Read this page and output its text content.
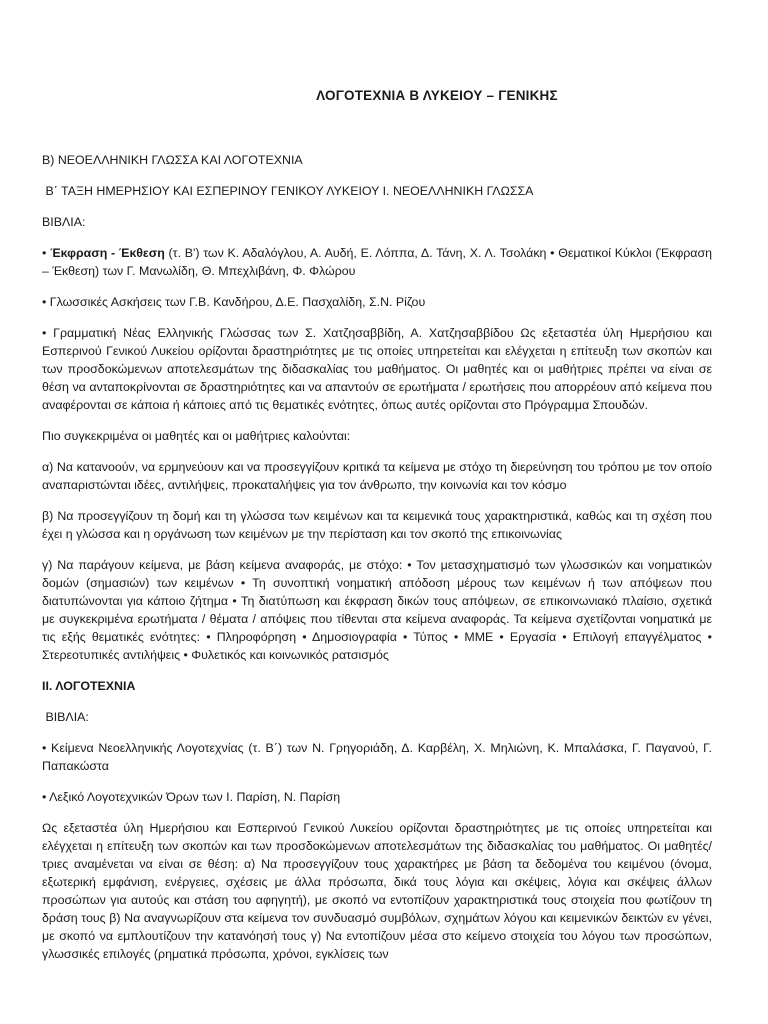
ΛΟΓΟΤΕΧΝΙΑ Β ΛΥΚΕΙΟΥ – ΓΕΝΙΚΗΣ

Β) ΝΕΟΕΛΛΗΝΙΚΗ ΓΛΩΣΣΑ ΚΑΙ ΛΟΓΟΤΕΧΝΙΑ

Β΄ ΤΑΞΗ ΗΜΕΡΗΣΙΟΥ ΚΑΙ ΕΣΠΕΡΙΝΟΥ ΓΕΝΙΚΟΥ ΛΥΚΕΙΟΥ Ι. ΝΕΟΕΛΛΗΝΙΚΗ ΓΛΩΣΣΑ

ΒΙΒΛΙΑ:

• Έκφραση - Έκθεση (τ. Β') των Κ. Αδαλόγλου, Α. Αυδή, Ε. Λόππα, Δ. Τάνη, Χ. Λ. Τσολάκη • Θεματικοί Κύκλοι (Έκφραση – Έκθεση) των Γ. Μανωλίδη, Θ. Μπεχλιβάνη, Φ. Φλώρου

• Γλωσσικές Ασκήσεις των Γ.Β. Κανδήρου, Δ.Ε. Πασχαλίδη, Σ.Ν. Ρίζου

• Γραμματική Νέας Ελληνικής Γλώσσας των Σ. Χατζησαββίδη, Α. Χατζησαββίδου Ως εξεταστέα ύλη Ημερήσιου και Εσπερινού Γενικού Λυκείου ορίζονται δραστηριότητες με τις οποίες υπηρετείται και ελέγχεται η επίτευξη των σκοπών και των προσδοκώμενων αποτελεσμάτων της διδασκαλίας του μαθήματος. Οι μαθητές και οι μαθήτριες πρέπει να είναι σε θέση να ανταποκρίνονται σε δραστηριότητες και να απαντούν σε ερωτήματα / ερωτήσεις που απορρέουν από κείμενα που αναφέρονται σε κάποια ή κάποιες από τις θεματικές ενότητες, όπως αυτές ορίζονται στο Πρόγραμμα Σπουδών.

Πιο συγκεκριμένα οι μαθητές και οι μαθήτριες καλούνται:

α) Να κατανοούν, να ερμηνεύουν και να προσεγγίζουν κριτικά τα κείμενα με στόχο τη διερεύνηση του τρόπου με τον οποίο αναπαριστώνται ιδέες, αντιλήψεις, προκαταλήψεις για τον άνθρωπο, την κοινωνία και τον κόσμο

β) Να προσεγγίζουν τη δομή και τη γλώσσα των κειμένων και τα κειμενικά τους χαρακτηριστικά, καθώς και τη σχέση που έχει η γλώσσα και η οργάνωση των κειμένων με την περίσταση και τον σκοπό της επικοινωνίας

γ) Να παράγουν κείμενα, με βάση κείμενα αναφοράς, με στόχο: • Τον μετασχηματισμό των γλωσσικών και νοηματικών δομών (σημασιών) των κειμένων • Τη συνοπτική νοηματική απόδοση μέρους των κειμένων ή των απόψεων που διατυπώνονται για κάποιο ζήτημα • Τη διατύπωση και έκφραση δικών τους απόψεων, σε επικοινωνιακό πλαίσιο, σχετικά με συγκεκριμένα ερωτήματα / θέματα / απόψεις που τίθενται στα κείμενα αναφοράς. Τα κείμενα σχετίζονται νοηματικά με τις εξής θεματικές ενότητες: • Πληροφόρηση • Δημοσιογραφία • Τύπος • ΜΜΕ • Εργασία • Επιλογή επαγγέλματος • Στερεοτυπικές αντιλήψεις • Φυλετικός και κοινωνικός ρατσισμός

ΙΙ. ΛΟΓΟΤΕΧΝΙΑ

ΒΙΒΛΙΑ:

• Κείμενα Νεοελληνικής Λογοτεχνίας (τ. Β΄) των Ν. Γρηγοριάδη, Δ. Καρβέλη, Χ. Μηλιώνη, Κ. Μπαλάσκα, Γ. Παγανού, Γ. Παπακώστα

• Λεξικό Λογοτεχνικών Όρων των Ι. Παρίση, Ν. Παρίση

Ως εξεταστέα ύλη Ημερήσιου και Εσπερινού Γενικού Λυκείου ορίζονται δραστηριότητες με τις οποίες υπηρετείται και ελέγχεται η επίτευξη των σκοπών και των προσδοκώμενων αποτελεσμάτων της διδασκαλίας του μαθήματος. Οι μαθητές/τριες αναμένεται να είναι σε θέση: α) Να προσεγγίζουν τους χαρακτήρες με βάση τα δεδομένα του κειμένου (όνομα, εξωτερική εμφάνιση, ενέργειες, σχέσεις με άλλα πρόσωπα, δικά τους λόγια και σκέψεις, λόγια και σκέψεις άλλων προσώπων για αυτούς και στάση του αφηγητή), με σκοπό να εντοπίζουν χαρακτηριστικά τους στοιχεία που φωτίζουν τη δράση τους β) Να αναγνωρίζουν στα κείμενα τον συνδυασμό συμβόλων, σχημάτων λόγου και κειμενικών δεικτών εν γένει, με σκοπό να εμπλουτίζουν την κατανόησή τους γ) Να εντοπίζουν μέσα στο κείμενο στοιχεία του λόγου των προσώπων, γλωσσικές επιλογές (ρηματικά πρόσωπα, χρόνοι, εγκλίσεις των
